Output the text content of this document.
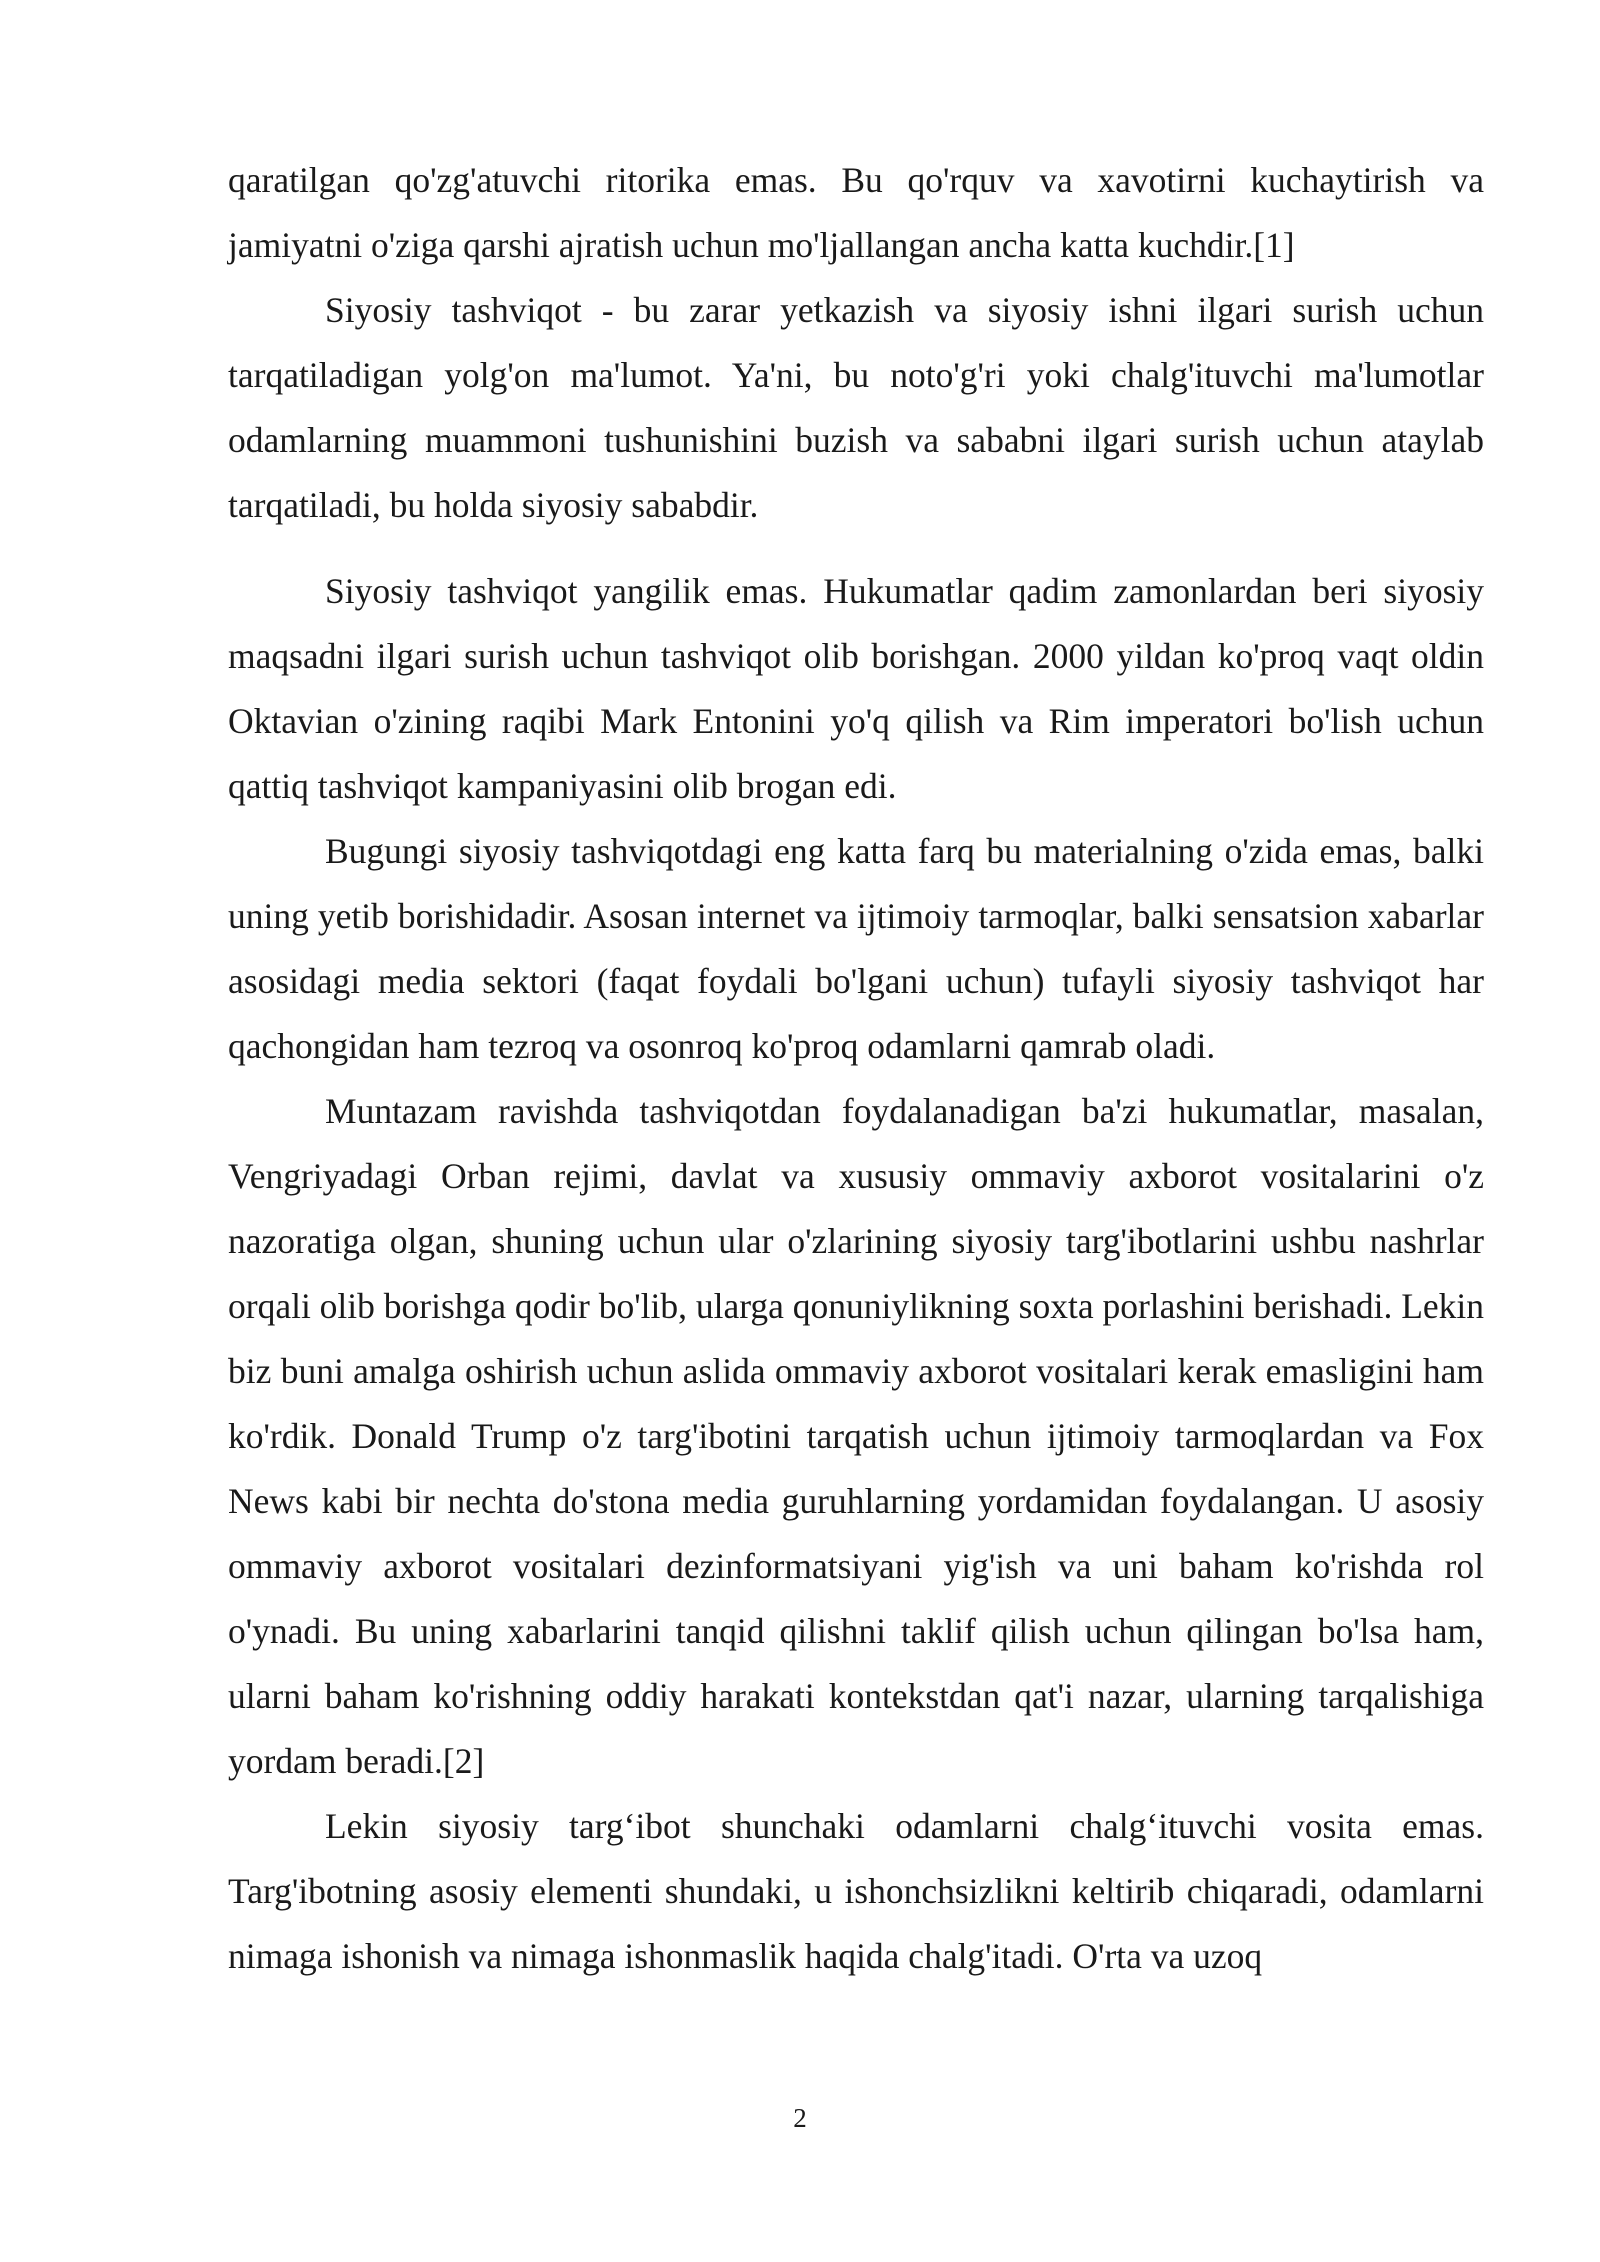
qaratilgan qo'zg'atuvchi ritorika emas. Bu qo'rquv va xavotirni kuchaytirish va jamiyatni o'ziga qarshi ajratish uchun mo'ljallangan ancha katta kuchdir.[1]

Siyosiy tashviqot - bu zarar yetkazish va siyosiy ishni ilgari surish uchun tarqatiladigan yolg'on ma'lumot. Ya'ni, bu noto'g'ri yoki chalg'ituvchi ma'lumotlar odamlarning muammoni tushunishini buzish va sababni ilgari surish uchun ataylab tarqatiladi, bu holda siyosiy sababdir.

Siyosiy tashviqot yangilik emas. Hukumatlar qadim zamonlardan beri siyosiy maqsadni ilgari surish uchun tashviqot olib borishgan. 2000 yildan ko'proq vaqt oldin Oktavian o'zining raqibi Mark Entonini yo'q qilish va Rim imperatori bo'lish uchun qattiq tashviqot kampaniyasini olib brogan edi.

Bugungi siyosiy tashviqotdagi eng katta farq bu materialning o'zida emas, balki uning yetib borishidadir. Asosan internet va ijtimoiy tarmoqlar, balki sensatsion xabarlar asosidagi media sektori (faqat foydali bo'lgani uchun) tufayli siyosiy tashviqot har qachongidan ham tezroq va osonroq ko'proq odamlarni qamrab oladi.

Muntazam ravishda tashviqotdan foydalanadigan ba'zi hukumatlar, masalan, Vengriyadagi Orban rejimi, davlat va xususiy ommaviy axborot vositalarini o'z nazoratiga olgan, shuning uchun ular o'zlarining siyosiy targ'ibotlarini ushbu nashrlar orqali olib borishga qodir bo'lib, ularga qonuniylikning soxta porlashini berishadi. Lekin biz buni amalga oshirish uchun aslida ommaviy axborot vositalari kerak emasligini ham ko'rdik. Donald Trump o'z targ'ibotini tarqatish uchun ijtimoiy tarmoqlardan va Fox News kabi bir nechta do'stona media guruhlarning yordamidan foydalangan. U asosiy ommaviy axborot vositalari dezinformatsiyani yig'ish va uni baham ko'rishda rol o'ynadi. Bu uning xabarlarini tanqid qilishni taklif qilish uchun qilingan bo'lsa ham, ularni baham ko'rishning oddiy harakati kontekstdan qat'i nazar, ularning tarqalishiga yordam beradi.[2]

Lekin siyosiy targ‘ibot shunchaki odamlarni chalg‘ituvchi vosita emas. Targ'ibotning asosiy elementi shundaki, u ishonchsizlikni keltirib chiqaradi, odamlarni nimaga ishonish va nimaga ishonmaslik haqida chalg'itadi. O'rta va uzoq

2
